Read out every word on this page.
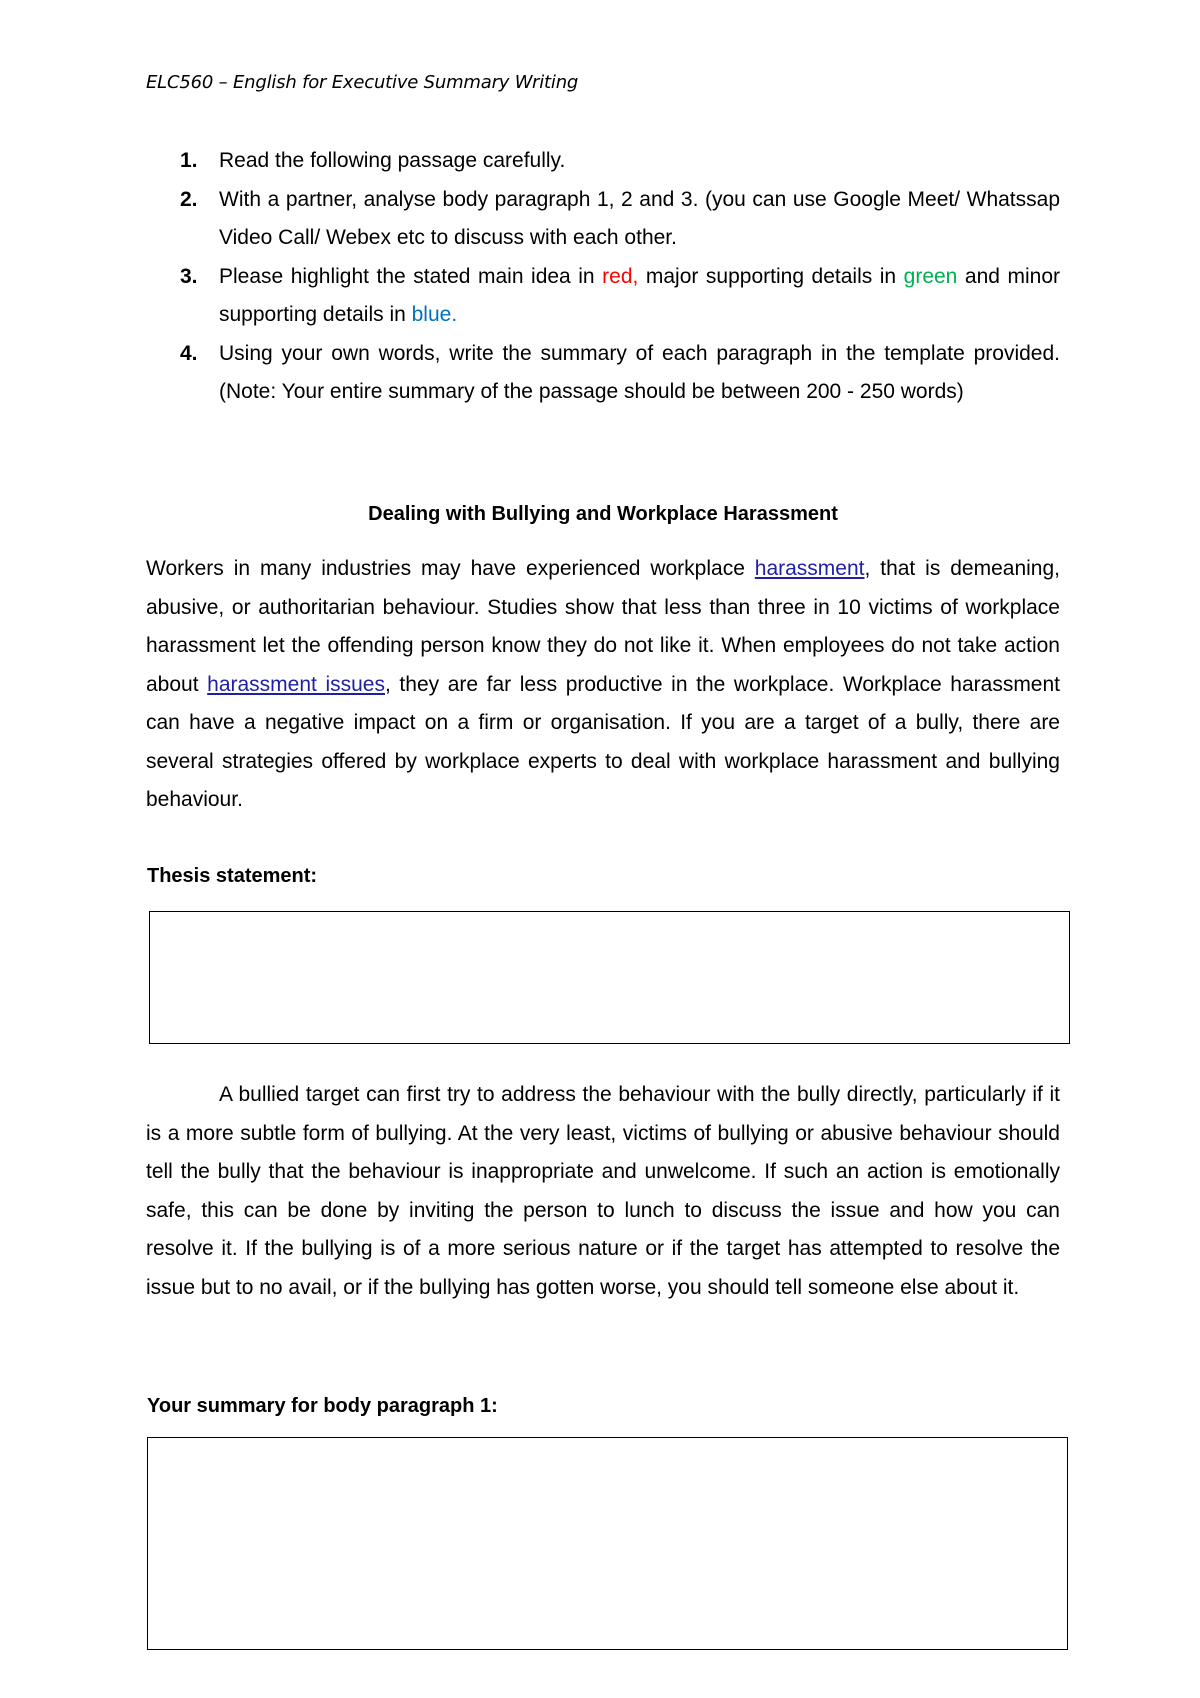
ELC560 – English for Executive Summary Writing
1. Read the following passage carefully.
2. With a partner, analyse body paragraph 1, 2 and 3. (you can use Google Meet/ Whatssap Video Call/ Webex etc to discuss with each other.
3. Please highlight the stated main idea in red, major supporting details in green and minor supporting details in blue.
4. Using your own words, write the summary of each paragraph in the template provided. (Note: Your entire summary of the passage should be between 200 - 250 words)
Dealing with Bullying and Workplace Harassment

Workers in many industries may have experienced workplace harassment, that is demeaning, abusive, or authoritarian behaviour. Studies show that less than three in 10 victims of workplace harassment let the offending person know they do not like it. When employees do not take action about harassment issues, they are far less productive in the workplace. Workplace harassment can have a negative impact on a firm or organisation. If you are a target of a bully, there are several strategies offered by workplace experts to deal with workplace harassment and bullying behaviour.

Thesis statement:

A bullied target can first try to address the behaviour with the bully directly, particularly if it is a more subtle form of bullying. At the very least, victims of bullying or abusive behaviour should tell the bully that the behaviour is inappropriate and unwelcome. If such an action is emotionally safe, this can be done by inviting the person to lunch to discuss the issue and how you can resolve it. If the bullying is of a more serious nature or if the target has attempted to resolve the issue but to no avail, or if the bullying has gotten worse, you should tell someone else about it.

Your summary for body paragraph 1:
